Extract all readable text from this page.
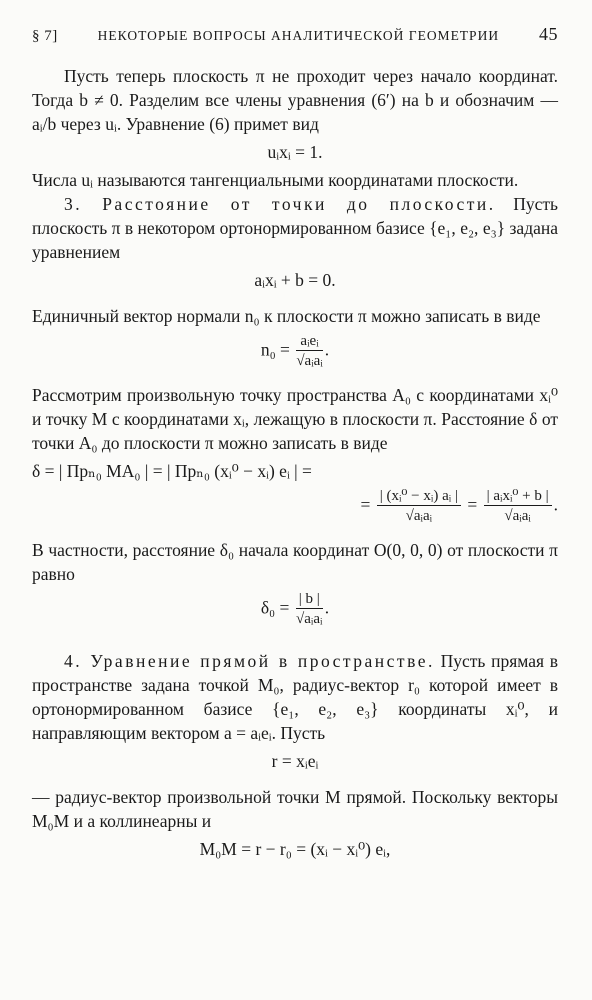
§ 7]	НЕКОТОРЫЕ ВОПРОСЫ АНАЛИТИЧЕСКОЙ ГЕОМЕТРИИ 45

Пусть теперь плоскость π не проходит через начало координат. Тогда b ≠ 0. Разделим все члены уравнения (6′) на b и обозначим — aᵢ/b через uᵢ. Уравнение (6) примет вид

uᵢxᵢ = 1.

Числа uᵢ называются тангенциальными координатами плоскости.

3. Расстояние от точки до плоскости. Пусть плоскость π в некотором ортонормированном базисе {e₁, e₂, e₃} задана уравнением

aᵢxᵢ + b = 0.

Единичный вектор нормали n₀ к плоскости π можно записать в виде

$n_0 = \frac{\text{aᵢeᵢ}}{\text{√aᵢaᵢ}}$ .

Рассмотрим произвольную точку пространства A₀ с координатами xᵢ⁰ и точку M с координатами xᵢ, лежащую в плоскости π. Расстояние δ от точки A₀ до плоскости π можно записать в виде

δ = | Прₙ₀ MA₀ | = | Прₙ₀ (xᵢ⁰ − xᵢ) eᵢ | =
= $\frac{\text{| (xᵢ⁰ − xᵢ) aᵢ |}}{\text{√aᵢaᵢ}} = \frac{\text{| aᵢxᵢ⁰ + b |}}{\text{√aᵢaᵢ}}$ .

В частности, расстояние δ₀ начала координат O(0, 0, 0) от плоскости π равно

$\delta_0 = \frac{| b |}{\text{√aᵢaᵢ}}$ .

4. Уравнение прямой в пространстве. Пусть прямая в пространстве задана точкой M₀, радиус-вектор r₀ которой имеет в ортонормированном базисе {e₁, e₂, e₃} координаты xᵢ⁰, и направляющим вектором a = aᵢeᵢ. Пусть

r = xᵢeᵢ

— радиус-вектор произвольной точки M прямой. Поскольку векторы M₀M и a коллинеарны и

M₀M = r − r₀ = (xᵢ − xᵢ⁰) eᵢ,
